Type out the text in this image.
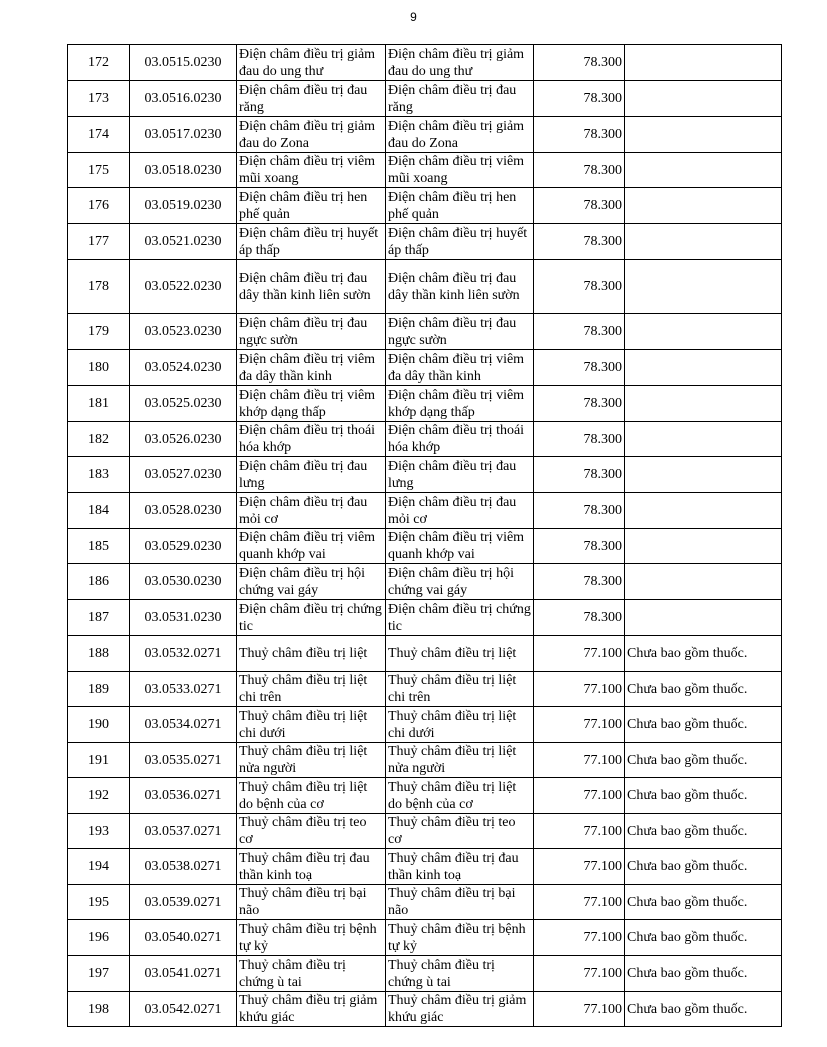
9
172	03.0515.0230	Điện châm điều trị giảm đau do ung thư	Điện châm điều trị giảm đau do ung thư	78.300	
173	03.0516.0230	Điện châm điều trị đau răng	Điện châm điều trị đau răng	78.300	
174	03.0517.0230	Điện châm điều trị giảm đau do Zona	Điện châm điều trị giảm đau do Zona	78.300	
175	03.0518.0230	Điện châm điều trị viêm mũi xoang	Điện châm điều trị viêm mũi xoang	78.300	
176	03.0519.0230	Điện châm điều trị hen phế quản	Điện châm điều trị hen phế quản	78.300	
177	03.0521.0230	Điện châm điều trị huyết áp thấp	Điện châm điều trị huyết áp thấp	78.300	
178	03.0522.0230	Điện châm điều trị đau dây thần kinh liên sườn	Điện châm điều trị đau dây thần kinh liên sườn	78.300	
179	03.0523.0230	Điện châm điều trị đau ngực sườn	Điện châm điều trị đau ngực sườn	78.300	
180	03.0524.0230	Điện châm điều trị viêm đa dây thần kinh	Điện châm điều trị viêm đa dây thần kinh	78.300	
181	03.0525.0230	Điện châm điều trị viêm khớp dạng thấp	Điện châm điều trị viêm khớp dạng thấp	78.300	
182	03.0526.0230	Điện châm điều trị thoái hóa khớp	Điện châm điều trị thoái hóa khớp	78.300	
183	03.0527.0230	Điện châm điều trị đau lưng	Điện châm điều trị đau lưng	78.300	
184	03.0528.0230	Điện châm điều trị đau mỏi cơ	Điện châm điều trị đau mỏi cơ	78.300	
185	03.0529.0230	Điện châm điều trị viêm quanh khớp vai	Điện châm điều trị viêm quanh khớp vai	78.300	
186	03.0530.0230	Điện châm điều trị hội chứng vai gáy	Điện châm điều trị hội chứng vai gáy	78.300	
187	03.0531.0230	Điện châm điều trị chứng tic	Điện châm điều trị chứng tic	78.300	
188	03.0532.0271	Thuỷ châm điều trị liệt	Thuỷ châm điều trị liệt	77.100	Chưa bao gồm thuốc.
189	03.0533.0271	Thuỷ châm điều trị liệt chi trên	Thuỷ châm điều trị liệt chi trên	77.100	Chưa bao gồm thuốc.
190	03.0534.0271	Thuỷ châm điều trị liệt chi dưới	Thuỷ châm điều trị liệt chi dưới	77.100	Chưa bao gồm thuốc.
191	03.0535.0271	Thuỷ châm điều trị liệt nửa người	Thuỷ châm điều trị liệt nửa người	77.100	Chưa bao gồm thuốc.
192	03.0536.0271	Thuỷ châm điều trị liệt do bệnh của cơ	Thuỷ châm điều trị liệt do bệnh của cơ	77.100	Chưa bao gồm thuốc.
193	03.0537.0271	Thuỷ châm điều trị teo cơ	Thuỷ châm điều trị teo cơ	77.100	Chưa bao gồm thuốc.
194	03.0538.0271	Thuỷ châm điều trị đau thần kinh toạ	Thuỷ châm điều trị đau thần kinh toạ	77.100	Chưa bao gồm thuốc.
195	03.0539.0271	Thuỷ châm điều trị bại não	Thuỷ châm điều trị bại não	77.100	Chưa bao gồm thuốc.
196	03.0540.0271	Thuỷ châm điều trị bệnh tự kỷ	Thuỷ châm điều trị bệnh tự kỷ	77.100	Chưa bao gồm thuốc.
197	03.0541.0271	Thuỷ châm điều trị chứng ù tai	Thuỷ châm điều trị chứng ù tai	77.100	Chưa bao gồm thuốc.
198	03.0542.0271	Thuỷ châm điều trị giảm khứu giác	Thuỷ châm điều trị giảm khứu giác	77.100	Chưa bao gồm thuốc.
